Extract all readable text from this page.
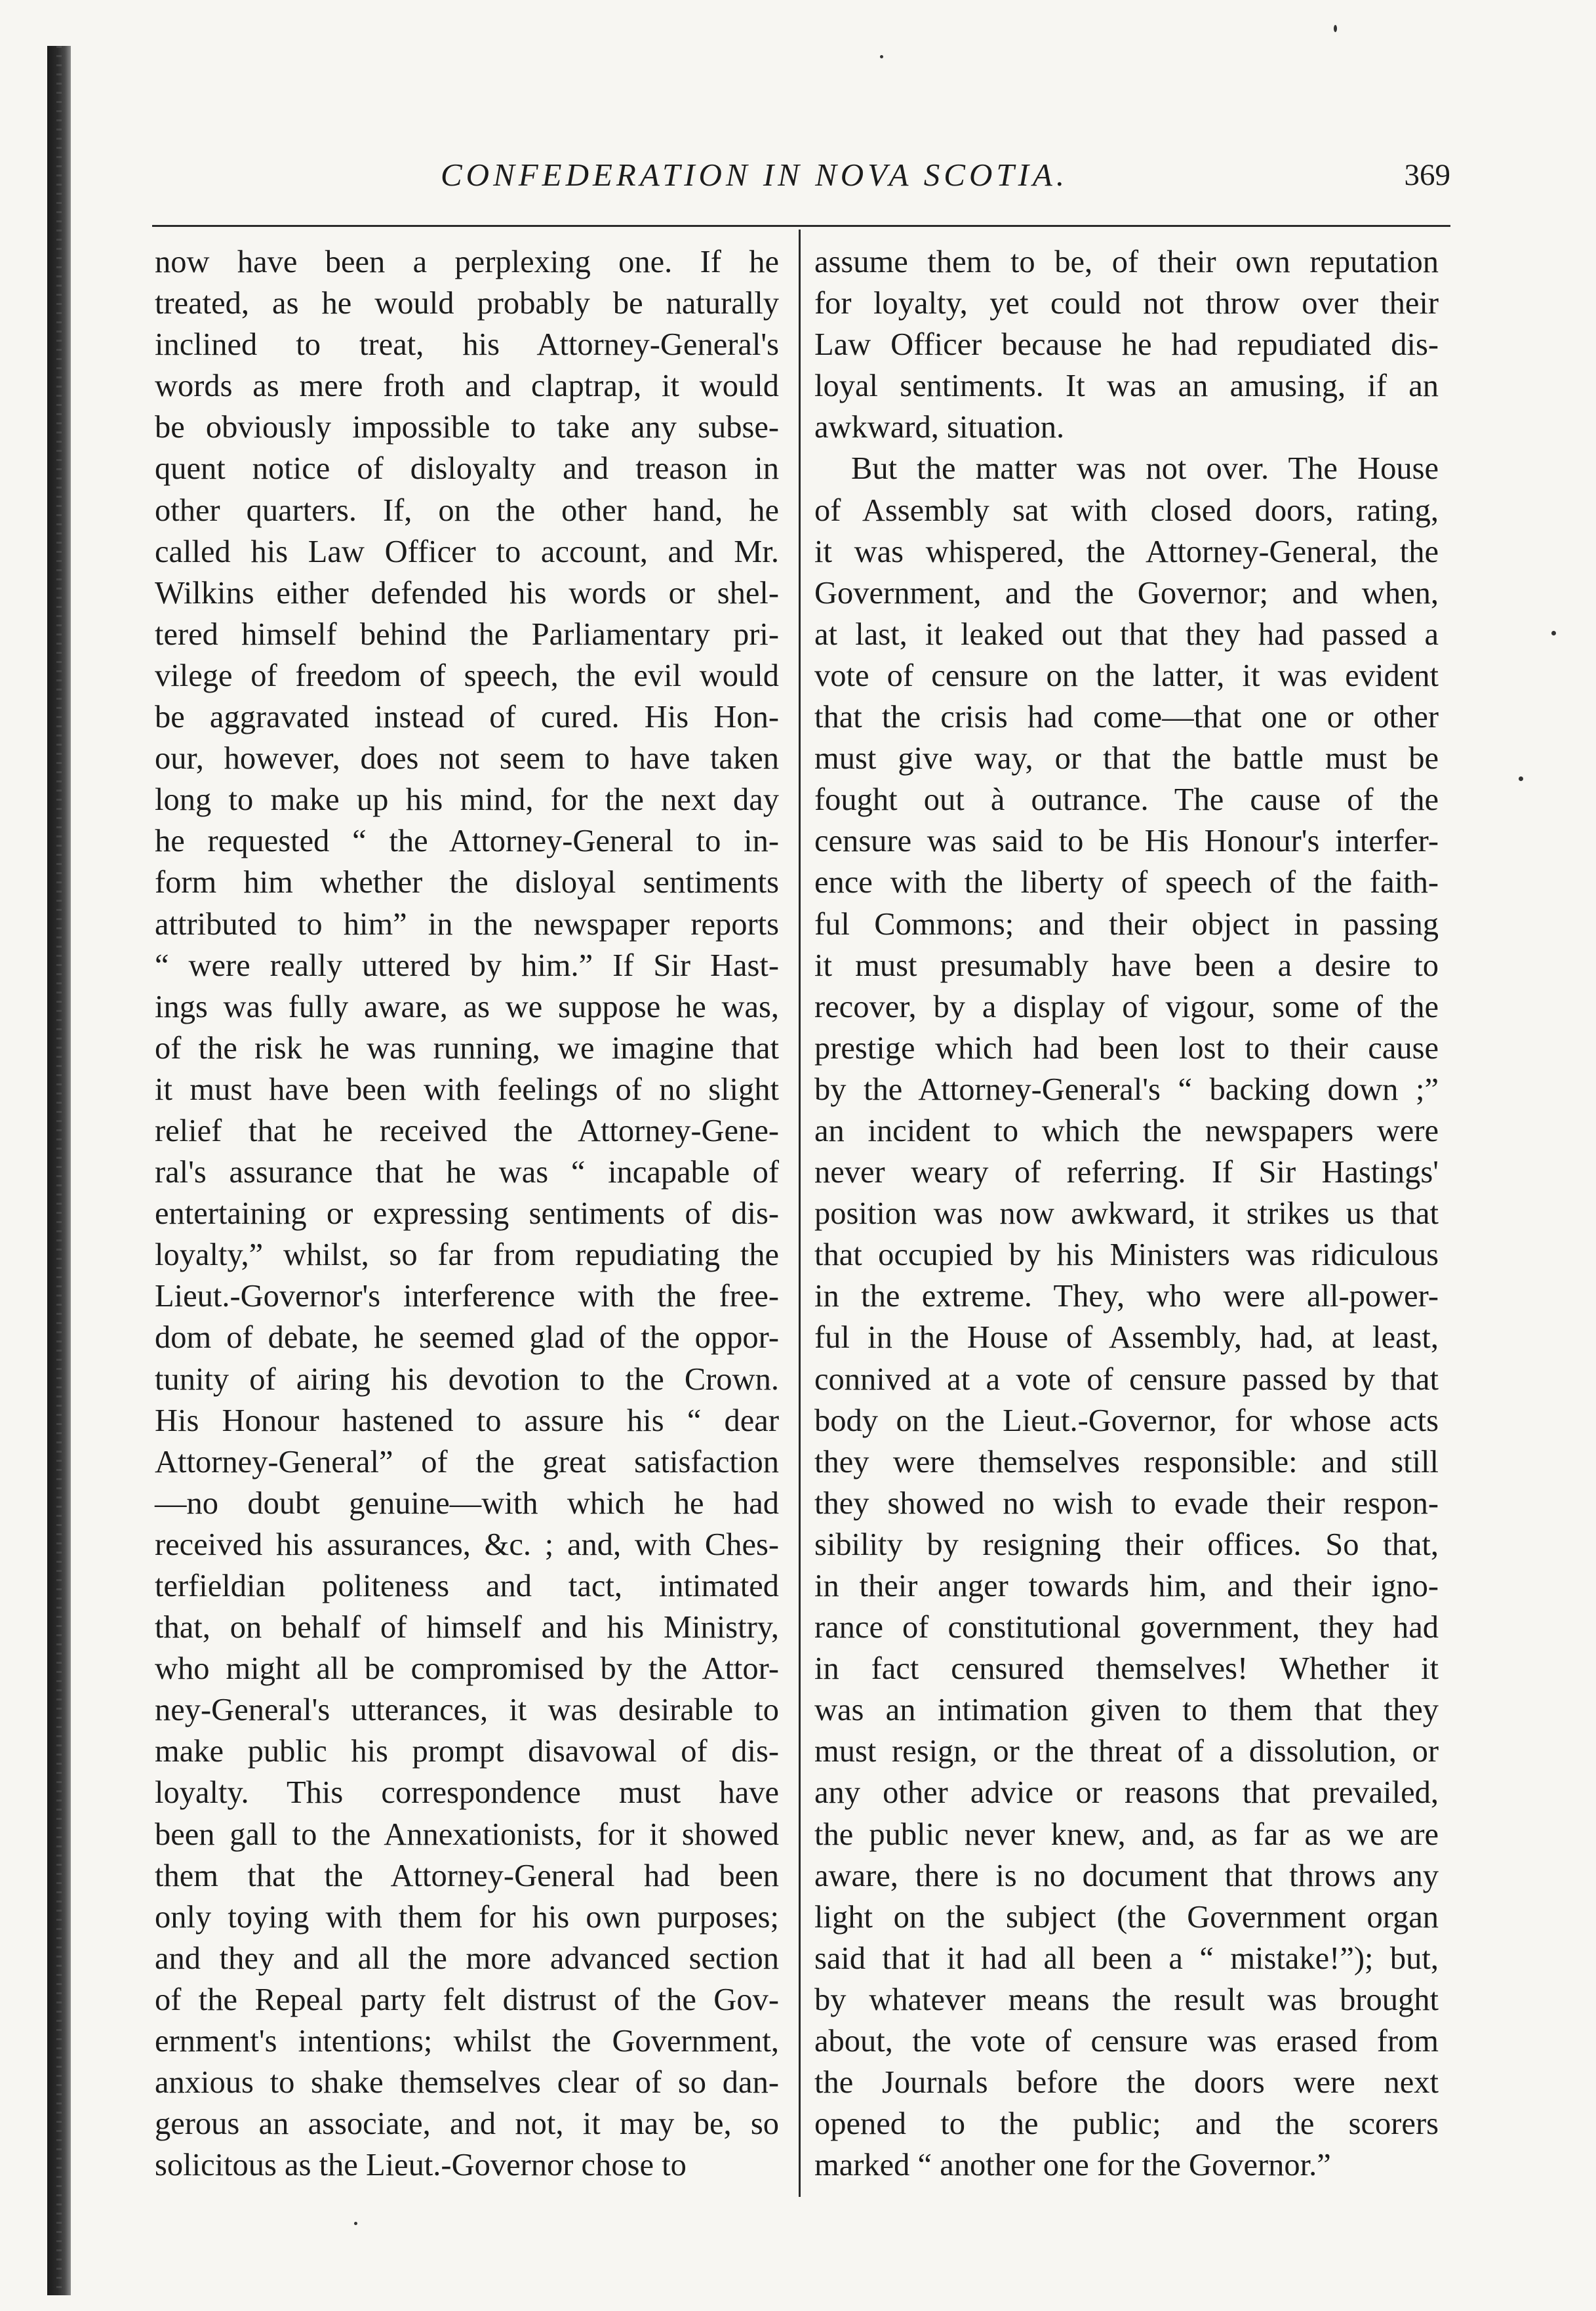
CONFEDERATION IN NOVA SCOTIA.	369
now have been a perplexing one. If he
treated, as he would probably be naturally
inclined to treat, his Attorney-General's
words as mere froth and claptrap, it would
be obviously impossible to take any subse-
quent notice of disloyalty and treason in
other quarters. If, on the other hand, he
called his Law Officer to account, and Mr.
Wilkins either defended his words or shel-
tered himself behind the Parliamentary pri-
vilege of freedom of speech, the evil would
be aggravated instead of cured. His Hon-
our, however, does not seem to have taken
long to make up his mind, for the next day
he requested “ the Attorney-General to in-
form him whether the disloyal sentiments
attributed to him” in the newspaper reports
“ were really uttered by him.” If Sir Hast-
ings was fully aware, as we suppose he was,
of the risk he was running, we imagine that
it must have been with feelings of no slight
relief that he received the Attorney-Gene-
ral's assurance that he was “ incapable of
entertaining or expressing sentiments of dis-
loyalty,” whilst, so far from repudiating the
Lieut.-Governor's interference with the free-
dom of debate, he seemed glad of the oppor-
tunity of airing his devotion to the Crown.
His Honour hastened to assure his “ dear
Attorney-General” of the great satisfaction
—no doubt genuine—with which he had
received his assurances, &c. ; and, with Ches-
terfieldian politeness and tact, intimated
that, on behalf of himself and his Ministry,
who might all be compromised by the Attor-
ney-General's utterances, it was desirable to
make public his prompt disavowal of dis-
loyalty. This correspondence must have
been gall to the Annexationists, for it showed
them that the Attorney-General had been
only toying with them for his own purposes;
and they and all the more advanced section
of the Repeal party felt distrust of the Gov-
ernment's intentions; whilst the Government,
anxious to shake themselves clear of so dan-
gerous an associate, and not, it may be, so
solicitous as the Lieut.-Governor chose to
assume them to be, of their own reputation
for loyalty, yet could not throw over their
Law Officer because he had repudiated dis-
loyal sentiments. It was an amusing, if an
awkward, situation.
But the matter was not over. The House
of Assembly sat with closed doors, rating,
it was whispered, the Attorney-General, the
Government, and the Governor; and when,
at last, it leaked out that they had passed a
vote of censure on the latter, it was evident
that the crisis had come—that one or other
must give way, or that the battle must be
fought out à outrance. The cause of the
censure was said to be His Honour's interfer-
ence with the liberty of speech of the faith-
ful Commons; and their object in passing
it must presumably have been a desire to
recover, by a display of vigour, some of the
prestige which had been lost to their cause
by the Attorney-General's “ backing down ;”
an incident to which the newspapers were
never weary of referring. If Sir Hastings'
position was now awkward, it strikes us that
that occupied by his Ministers was ridiculous
in the extreme. They, who were all-power-
ful in the House of Assembly, had, at least,
connived at a vote of censure passed by that
body on the Lieut.-Governor, for whose acts
they were themselves responsible: and still
they showed no wish to evade their respon-
sibility by resigning their offices. So that,
in their anger towards him, and their igno-
rance of constitutional government, they had
in fact censured themselves! Whether it
was an intimation given to them that they
must resign, or the threat of a dissolution, or
any other advice or reasons that prevailed,
the public never knew, and, as far as we are
aware, there is no document that throws any
light on the subject (the Government organ
said that it had all been a “ mistake!”); but,
by whatever means the result was brought
about, the vote of censure was erased from
the Journals before the doors were next
opened to the public; and the scorers
marked “ another one for the Governor.”
